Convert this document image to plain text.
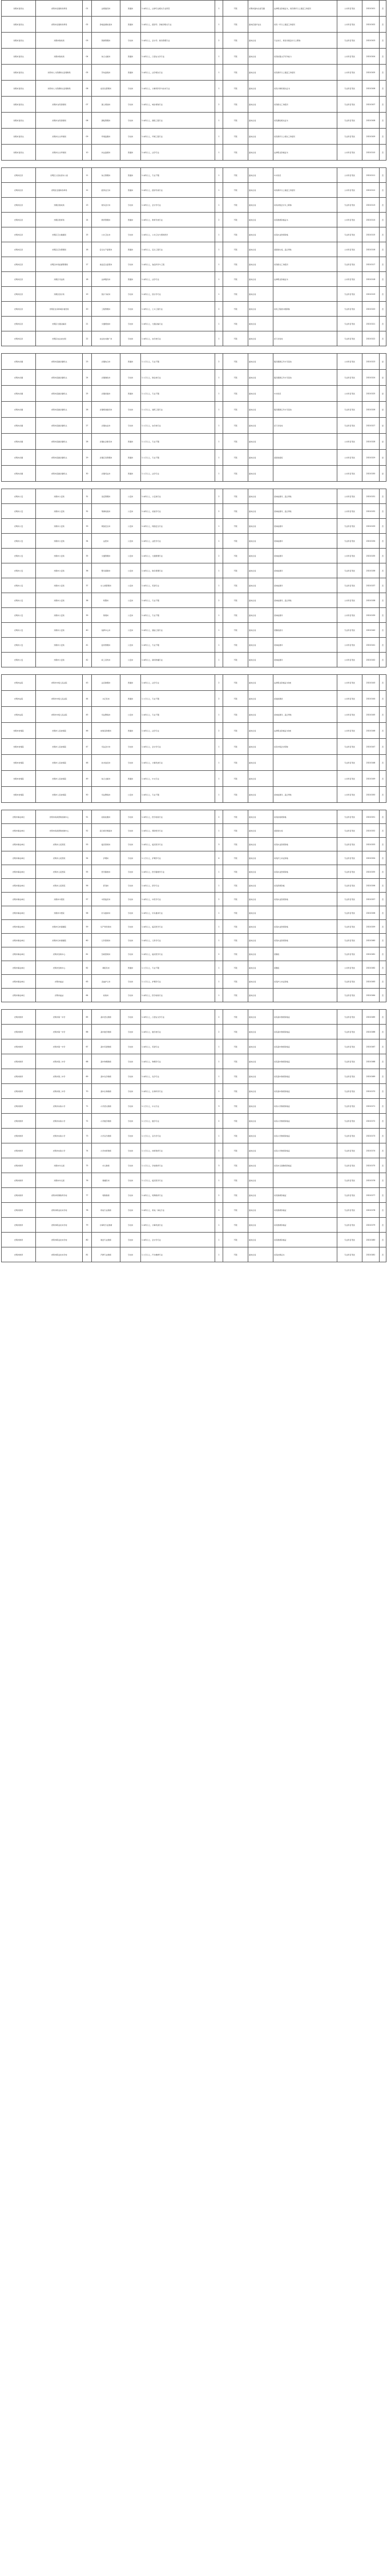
光明市直机关	光明市发展和改革局	01	法规建设岗	普通岗	1.本科以上，法律专业相关专业背景	1	不限	光明市面向全省范围	法律职业资格证书，具有两年以上基层工作经历	公共科目笔试	20210101	否
光明市直机关	光明市发展和改革局	02	价格监督检查岗	普通岗	1.本科以上，经济学、价格学相关专业	1	不限	面向应届毕业生	具有一年以上基层工作经历	公共科目笔试	20210102	否
光明市直机关	光明市财政局	03	预算管理岗	专技岗	1.本科以上，会计学、财务管理专业	2	不限	面向全省	专业对口，具有初级会计以上职称	专业科目笔试	20210103	否
光明市直机关	光明市财政局	04	综合文秘岗	普通岗	1.本科以上，汉语言文学专业	1	不限	面向全省	具有较强文字写作能力	公共科目笔试	20210104	否
光明市直机关	光明市人力资源和社会保障局	05	劳动监察岗	普通岗	1.本科以上，法学相关专业	1	不限	面向全省	具有两年以上基层工作经历	公共科目笔试	20210105	否
光明市直机关	光明市人力资源和社会保障局	06	信息化管理岗	专技岗	1.本科以上，计算机科学与技术专业	1	不限	面向全省	具有计算机相关证书	专业科目笔试	20210106	否
光明市直机关	光明市自然资源局	07	国土规划岗	专技岗	1.本科以上，城乡规划专业	2	不限	面向全省	具有相关工作经历	专业科目笔试	20210107	否
光明市直机关	光明市自然资源局	08	测绘管理岗	专技岗	1.本科以上，测绘工程专业	1	不限	面向全省	具有测绘相关证书	专业科目笔试	20210108	否
光明市直机关	光明市生态环境局	09	环境监测岗	专技岗	1.本科以上，环境工程专业	1	不限	面向全省	具有两年以上相关工作经历	专业科目笔试	20210109	否
光明市直机关	光明市生态环境局	10	执法监督岗	普通岗	1.本科以上，法学专业	1	不限	面向全省	法律职业资格证书	公共科目笔试	20210110	否
光明市区县	光明区人民政府办公室	11	综合管理岗	普通岗	1.本科以上，专业不限	1	不限	面向全省	中共党员	公共科目笔试	20210111	否
光明市区县	光明区发展和改革局	12	经济运行岗	普通岗	1.本科以上，经济学类专业	1	不限	面向全省	具有两年以上基层工作经历	公共科目笔试	20210112	否
光明市区县	光明区财政局	13	财务会计岗	专技岗	1.本科以上，会计学专业	1	不限	面向全省	具有初级会计以上职称	专业科目笔试	20210113	否
光明市区县	光明区教育局	14	教育管理岗	普通岗	1.本科以上，教育学类专业	2	不限	面向全省	具有教师资格证书	公共科目笔试	20210114	否
光明市区县	光明区卫生健康局	15	公共卫生岗	专技岗	1.本科以上，公共卫生与预防医学	1	不限	面向全省	具有执业医师资格	专业科目笔试	20210115	否
光明市区县	光明区应急管理局	16	安全生产监管岗	普通岗	1.本科以上，安全工程专业	1	不限	面向全省	需经常出差，适合男性	公共科目笔试	20210116	否
光明市区县	光明区市场监督管理局	17	食品安全监管岗	专技岗	1.本科以上，食品科学与工程	1	不限	面向全省	具有相关工作经历	专业科目笔试	20210117	否
光明市区县	光明区司法局	18	法律服务岗	普通岗	1.本科以上，法学专业	1	不限	面向全省	法律职业资格证书	公共科目笔试	20210118	否
光明市区县	光明区统计局	19	统计分析岗	专技岗	1.本科以上，统计学专业	1	不限	面向全省		专业科目笔试	20210119	否
光明市区县	光明区住房和城乡建设局	20	工程管理岗	专技岗	1.本科以上，土木工程专业	2	不限	面向全省	具有工程类中级职称	专业科目笔试	20210120	否
光明市区县	光明区交通运输局	21	交通规划岗	专技岗	1.本科以上，交通运输专业	1	不限	面向全省		专业科目笔试	20210121	否
光明市区县	光明区农业农村局	22	农业技术推广岗	专技岗	1.本科以上，农学类专业	1	不限	面向全省	需下乡驻村	专业科目笔试	20210122	否
光明市乡镇	光明市直属乡镇机关	23	乡镇综合岗	普通岗	1.大专以上，专业不限	2	不限	面向全省	服务期满五年方可流动	公共科目笔试	20210123	是
光明市乡镇	光明市直属乡镇机关	24	乡镇财政岗	专技岗	1.大专以上，财会类专业	1	不限	面向全省	服务期满五年方可流动	专业科目笔试	20210124	是
光明市乡镇	光明市直属乡镇机关	25	乡镇党建岗	普通岗	1.大专以上，专业不限	1	不限	面向全省	中共党员	公共科目笔试	20210125	是
光明市乡镇	光明市直属乡镇机关	26	乡镇规划建设岗	专技岗	1.大专以上，建筑工程专业	1	不限	面向全省	服务期满五年方可流动	专业科目笔试	20210126	是
光明市乡镇	光明市直属乡镇机关	27	乡镇农业岗	专技岗	1.大专以上，农学类专业	1	不限	面向全省	需下乡驻村	专业科目笔试	20210127	是
光明市乡镇	光明市直属乡镇机关	28	乡镇社会事务岗	普通岗	1.大专以上，专业不限	1	不限	面向全省		公共科目笔试	20210128	是
光明市乡镇	光明市直属乡镇机关	29	乡镇应急管理岗	普通岗	1.大专以上，专业不限	1	不限	面向全省	需经常值班	公共科目笔试	20210129	是
光明市乡镇	光明市直属乡镇机关	30	乡镇司法岗	普通岗	1.大专以上，法学专业	1	不限	面向全省		公共科目笔试	20210130	是
光明市公安	光明市公安局	31	治安管理岗	公安岗	1.本科以上，公安类专业	2	不限	面向全省	需体能测评，适合男性	公共科目笔试	20210131	否
光明市公安	光明市公安局	32	刑事侦查岗	公安岗	1.本科以上，侦查学专业	2	不限	面向全省	需体能测评，适合男性	公共科目笔试	20210132	否
光明市公安	光明市公安局	33	网络安全岗	公安岗	1.本科以上，网络安全专业	1	不限	面向全省	需体能测评	专业科目笔试	20210133	否
光明市公安	光明市公安局	34	法医岗	公安岗	1.本科以上，法医学专业	1	不限	面向全省	需体能测评	专业科目笔试	20210134	否
光明市公安	光明市公安局	35	交通管理岗	公安岗	1.本科以上，交通管理专业	2	不限	面向全省	需体能测评	公共科目笔试	20210135	否
光明市公安	光明市公安局	36	警务保障岗	公安岗	1.本科以上，财务管理专业	1	不限	面向全省	需体能测评	专业科目笔试	20210136	否
光明市公安	光明市公安局	37	出入境管理岗	公安岗	1.本科以上，英语专业	1	不限	面向全省	需体能测评	专业科目笔试	20210137	否
光明市公安	光明市公安局	38	特警岗	公安岗	1.本科以上，专业不限	2	不限	面向全省	需体能测评，适合男性	公共科目笔试	20210138	否
光明市公安	光明市公安局	39	禁毒岗	公安岗	1.本科以上，专业不限	1	不限	面向全省	需体能测评	公共科目笔试	20210139	否
光明市公安	光明市公安局	40	指挥中心岗	公安岗	1.本科以上，通信工程专业	1	不限	面向全省	需倒班值守	专业科目笔试	20210140	否
光明市公安	光明市公安局	41	监所管理岗	公安岗	1.本科以上，专业不限	1	不限	面向全省	需体能测评	公共科目笔试	20210141	否
光明市公安	光明市公安局	42	政工宣传岗	公安岗	1.本科以上，新闻传播专业	1	不限	面向全省	需体能测评	公共科目笔试	20210142	否
光明市法院	光明市中级人民法院	43	法官助理岗	普通岗	1.本科以上，法学专业	2	不限	面向全省	法律职业资格证书A类	公共科目笔试	20210143	否
光明市法院	光明市中级人民法院	44	书记员岗	普通岗	1.大专以上，专业不限	2	不限	面向全省	需速录测试	公共科目笔试	20210144	否
光明市法院	光明市中级人民法院	45	司法警察岗	公安岗	1.本科以上，专业不限	1	不限	面向全省	需体能测评，适合男性	公共科目笔试	20210145	否
光明市检察院	光明市人民检察院	46	检察官助理岗	普通岗	1.本科以上，法学专业	2	不限	面向全省	法律职业资格证书A类	公共科目笔试	20210146	否
光明市检察院	光明市人民检察院	47	司法会计岗	专技岗	1.本科以上，会计学专业	1	不限	面向全省	具有中级会计职称	专业科目笔试	20210147	否
光明市检察院	光明市人民检察院	48	技术信息岗	专技岗	1.本科以上，计算机类专业	1	不限	面向全省		专业科目笔试	20210148	否
光明市检察院	光明市人民检察院	49	综合文秘岗	普通岗	1.本科以上，中文专业	1	不限	面向全省		公共科目笔试	20210149	否
光明市检察院	光明市人民检察院	50	司法警察岗	公安岗	1.本科以上，专业不限	1	不限	面向全省	需体能测评，适合男性	公共科目笔试	20210150	否
光明市事业单位	光明市疾病预防控制中心	51	检验检测岗	专技岗	1.本科以上，医学检验专业	2	不限	面向全省	具有检验师资格	专业科目笔试	20210151	否
光明市事业单位	光明市疾病预防控制中心	52	流行病学调查岗	专技岗	1.本科以上，预防医学专业	1	不限	面向全省	需经常出差	专业科目笔试	20210152	否
光明市事业单位	光明市人民医院	53	临床医师岗	专技岗	1.本科以上，临床医学专业	3	不限	面向全省	具有执业医师资格	专业科目笔试	20210153	否
光明市事业单位	光明市人民医院	54	护理岗	专技岗	1.大专以上，护理学专业	4	不限	面向全省	具有护士执业资格	专业科目笔试	20210154	否
光明市事业单位	光明市人民医院	55	医学影像岗	专技岗	1.本科以上，医学影像学专业	1	不限	面向全省	具有执业医师资格	专业科目笔试	20210155	否
光明市事业单位	光明市人民医院	56	药剂岗	专技岗	1.本科以上，药学专业	1	不限	面向全省	具有药师资格	专业科目笔试	20210156	否
光明市事业单位	光明市中医院	57	中医临床岗	专技岗	1.本科以上，中医学专业	2	不限	面向全省	具有执业医师资格	专业科目笔试	20210157	否
光明市事业单位	光明市中医院	58	针灸推拿岗	专技岗	1.本科以上，针灸推拿专业	1	不限	面向全省		专业科目笔试	20210158	否
光明市事业单位	光明市妇幼保健院	59	妇产科医师岗	专技岗	1.本科以上，临床医学专业	1	不限	面向全省	具有执业医师资格	专业科目笔试	20210159	否
光明市事业单位	光明市妇幼保健院	60	儿科医师岗	专技岗	1.本科以上，儿科学专业	1	不限	面向全省	具有执业医师资格	专业科目笔试	20210160	否
光明市事业单位	光明市急救中心	61	急救医师岗	专技岗	1.本科以上，临床医学专业	2	不限	面向全省	需倒班	专业科目笔试	20210161	否
光明市事业单位	光明市急救中心	62	调度员岗	普通岗	1.大专以上，专业不限	1	不限	面向全省	需倒班	公共科目笔试	20210162	否
光明市事业单位	光明市血站	63	采血护士岗	专技岗	1.大专以上，护理学专业	1	不限	面向全省	具有护士执业资格	专业科目笔试	20210163	否
光明市事业单位	光明市血站	64	检验岗	专技岗	1.本科以上，医学检验专业	1	不限	面向全省		专业科目笔试	20210164	否
光明市教育	光明市第一中学	65	高中语文教师	专技岗	1.本科以上，汉语言文学专业	2	不限	面向全省	具有高中教师资格证	专业科目笔试	20210165	否
光明市教育	光明市第一中学	66	高中数学教师	专技岗	1.本科以上，数学类专业	2	不限	面向全省	具有高中教师资格证	专业科目笔试	20210166	否
光明市教育	光明市第一中学	67	高中英语教师	专技岗	1.本科以上，英语专业	1	不限	面向全省	具有高中教师资格证	专业科目笔试	20210167	否
光明市教育	光明市第二中学	68	高中物理教师	专技岗	1.本科以上，物理学专业	1	不限	面向全省	具有高中教师资格证	专业科目笔试	20210168	否
光明市教育	光明市第二中学	69	高中化学教师	专技岗	1.本科以上，化学专业	1	不限	面向全省	具有高中教师资格证	专业科目笔试	20210169	否
光明市教育	光明市第二中学	70	高中生物教师	专技岗	1.本科以上，生物科学专业	1	不限	面向全省	具有高中教师资格证	专业科目笔试	20210170	否
光明市教育	光明市实验小学	71	小学语文教师	专技岗	1.大专以上，中文专业	3	不限	面向全省	具有小学教师资格证	专业科目笔试	20210171	否
光明市教育	光明市实验小学	72	小学数学教师	专技岗	1.大专以上，数学专业	2	不限	面向全省	具有小学教师资格证	专业科目笔试	20210172	否
光明市教育	光明市实验小学	73	小学音乐教师	专技岗	1.大专以上，音乐学专业	1	不限	面向全省	具有小学教师资格证	专业科目笔试	20210173	否
光明市教育	光明市实验小学	74	小学体育教师	专技岗	1.大专以上，体育教育专业	1	不限	面向全省	具有小学教师资格证	专业科目笔试	20210174	否
光明市教育	光明市幼儿园	75	幼儿教师	专技岗	1.大专以上，学前教育专业	3	不限	面向全省	具有幼儿园教师资格证	专业科目笔试	20210175	否
光明市教育	光明市幼儿园	76	保健医岗	专技岗	1.大专以上，临床医学专业	1	不限	面向全省		专业科目笔试	20210176	否
光明市教育	光明市特殊教育学校	77	特教教师	专技岗	1.本科以上，特殊教育专业	2	不限	面向全省	具有教师资格证	专业科目笔试	20210177	否
光明市教育	光明市职业技术学校	78	机电专业教师	专技岗	1.本科以上，机电一体化专业	1	不限	面向全省	具有教师资格证	专业科目笔试	20210178	否
光明市教育	光明市职业技术学校	79	计算机专业教师	专技岗	1.本科以上，计算机类专业	1	不限	面向全省	具有教师资格证	专业科目笔试	20210179	否
光明市教育	光明市职业技术学校	80	财会专业教师	专技岗	1.本科以上，会计学专业	1	不限	面向全省	具有教师资格证	专业科目笔试	20210180	否
光明市教育	光明市职业技术学校	81	汽修专业教师	专技岗	1.大专以上，汽车维修专业	1	不限	面向全省	具有技师证书	专业科目笔试	20210181	否
